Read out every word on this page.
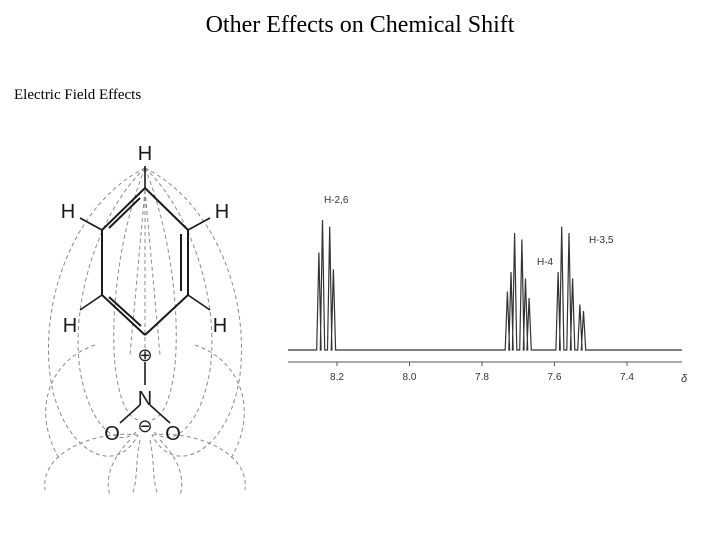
Other Effects on Chemical Shift
Electric Field Effects
H
H	H
H	H
⊕
N
O ⊖ O
8.2	8.0	7.8	7.6	7.4	δ
H-2,6
H-4
H-3,5
